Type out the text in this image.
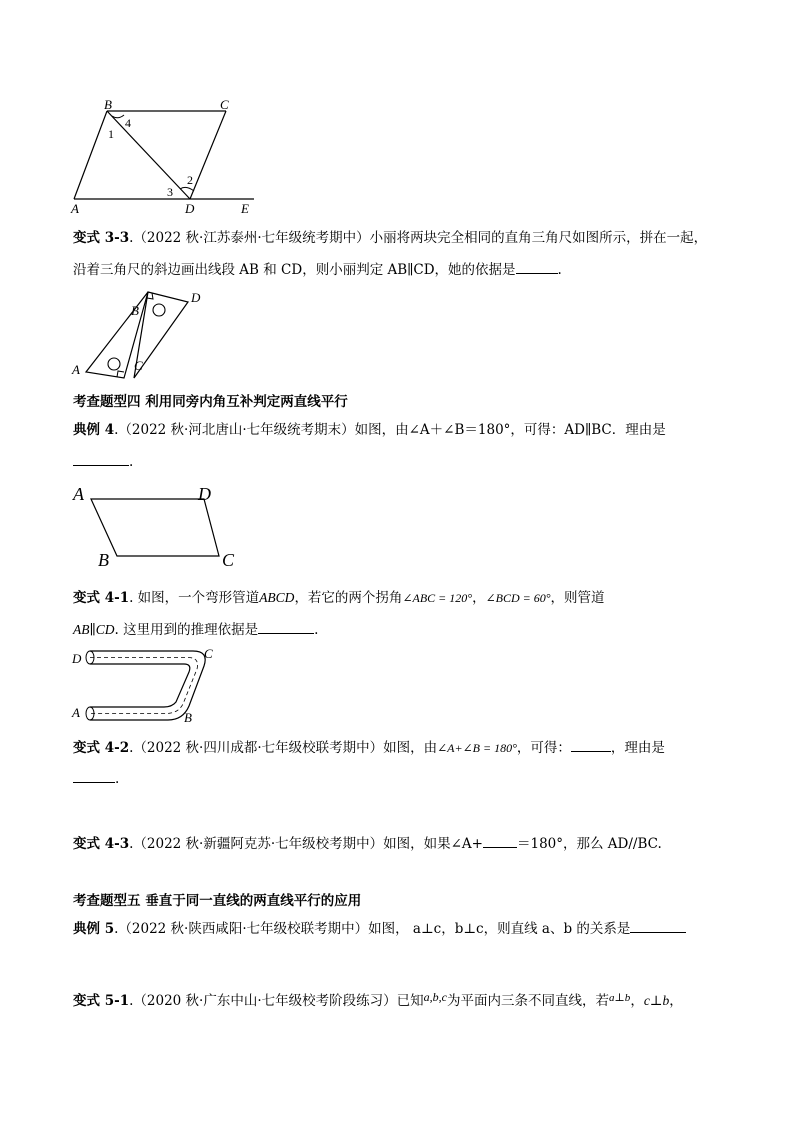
B	C
A	D	E
1
4
2
3
变式 3-3.（2022 秋·江苏泰州·七年级统考期中）小丽将两块完全相同的直角三角尺如图所示，拼在一起，
沿着三角尺的斜边画出线段 AB 和 CD，则小丽判定 AB∥CD，她的依据是	.
B
D
C
A
考查题型四 利用同旁内角互补判定两直线平行
典例 4.（2022 秋·河北唐山·七年级统考期末）如图，由∠A＋∠B＝180°，可得：AD∥BC．理由是
.
A	D
B	C
变式 4-1. 如图，一个弯形管道ABCD，若它的两个拐角∠ABC = 120°，∠BCD = 60°，则管道
AB∥CD. 这里用到的推理依据是	.
D	C
A	B
变式 4-2.（2022 秋·四川成都·七年级校联考期中）如图，由∠A+∠B = 180°，可得：	，理由是
.
变式 4-3.（2022 秋·新疆阿克苏·七年级校考期中）如图，如果∠A+	＝180°，那么 AD//BC.
考查题型五 垂直于同一直线的两直线平行的应用
典例 5.（2022 秋·陕西咸阳·七年级校联考期中）如图， a⊥c，b⊥c，则直线 a、b 的关系是
变式 5-1.（2020 秋·广东中山·七年级校考阶段练习）已知a,b,c为平面内三条不同直线，若$^{a\perp b}$，c⊥b，
